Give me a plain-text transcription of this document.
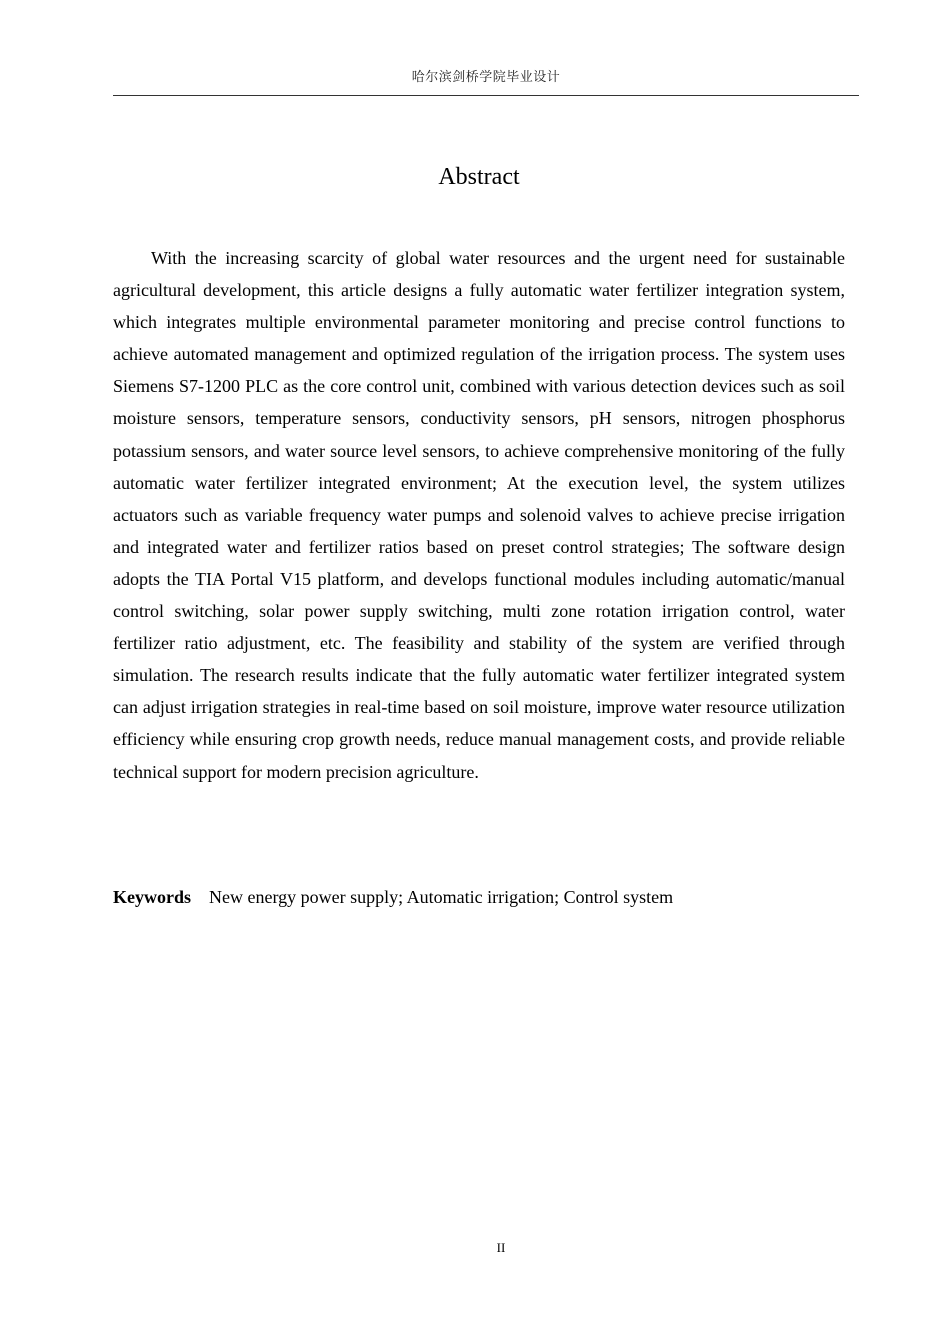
哈尔滨剑桥学院毕业设计
Abstract

With the increasing scarcity of global water resources and the urgent need for sustainable agricultural development, this article designs a fully automatic water fertilizer integration system, which integrates multiple environmental parameter monitoring and precise control functions to achieve automated management and optimized regulation of the irrigation process. The system uses Siemens S7-1200 PLC as the core control unit, combined with various detection devices such as soil moisture sensors, temperature sensors, conductivity sensors, pH sensors, nitrogen phosphorus potassium sensors, and water source level sensors, to achieve comprehensive monitoring of the fully automatic water fertilizer integrated environment; At the execution level, the system utilizes actuators such as variable frequency water pumps and solenoid valves to achieve precise irrigation and integrated water and fertilizer ratios based on preset control strategies; The software design adopts the TIA Portal V15 platform, and develops functional modules including automatic/manual control switching, solar power supply switching, multi zone rotation irrigation control, water fertilizer ratio adjustment, etc. The feasibility and stability of the system are verified through simulation. The research results indicate that the fully automatic water fertilizer integrated system can adjust irrigation strategies in real-time based on soil moisture, improve water resource utilization efficiency while ensuring crop growth needs, reduce manual management costs, and provide reliable technical support for modern precision agriculture.

Keywords New energy power supply; Automatic irrigation; Control system

II
